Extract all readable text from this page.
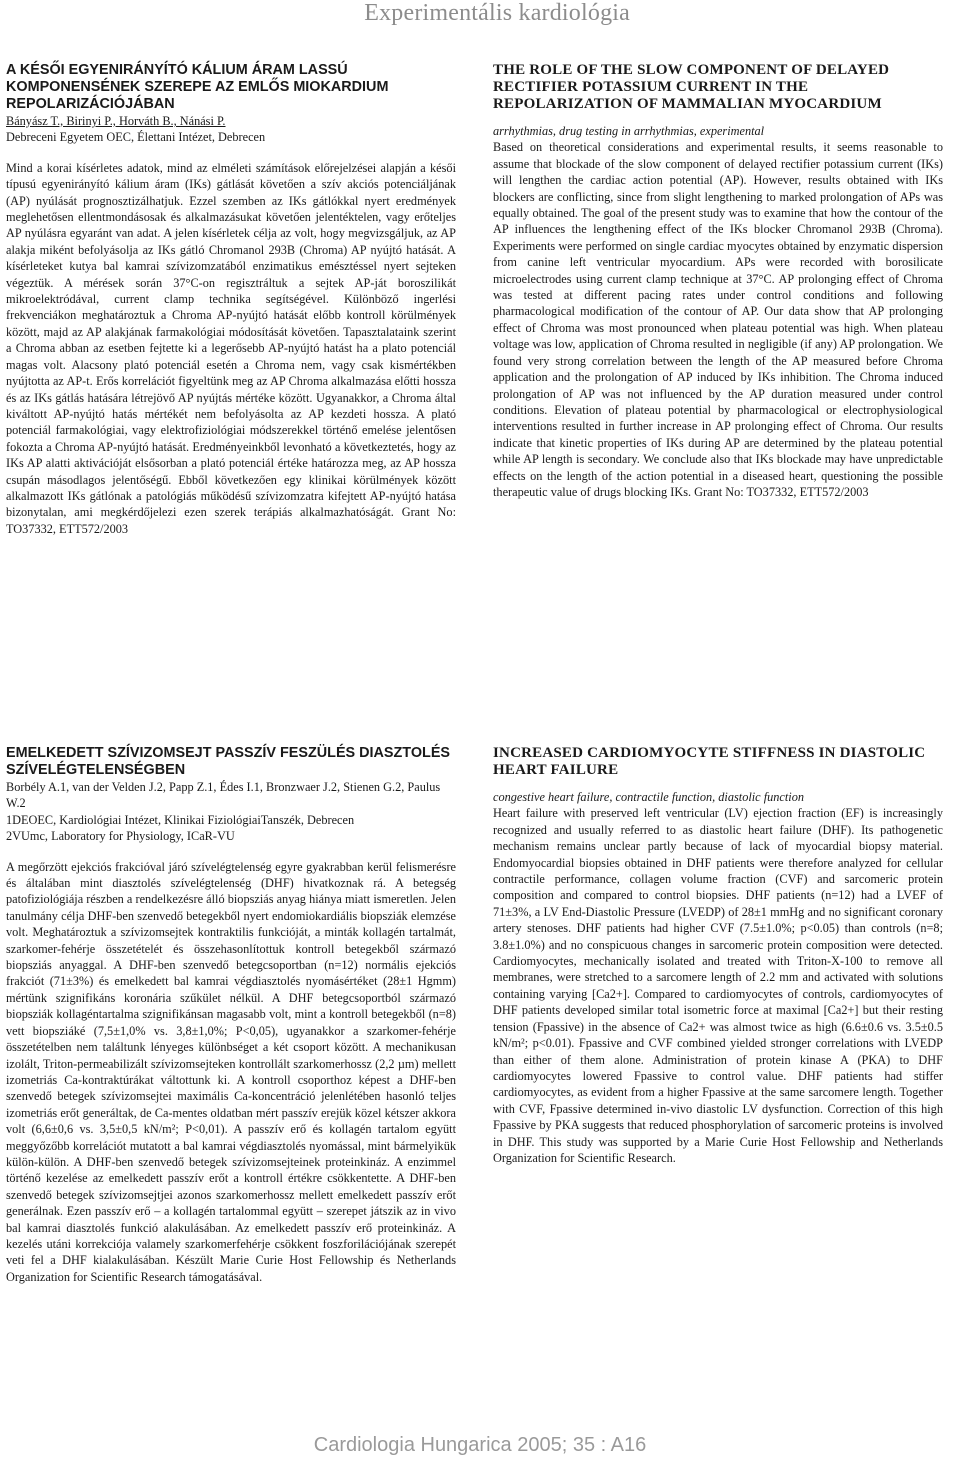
Experimentális kardiológia
A KÉSŐI EGYENIRÁNYÍTÓ KÁLIUM ÁRAM LASSÚ KOMPONENSÉNEK SZEREPE AZ EMLŐS MIOKARDIUM REPOLARIZÁCIÓJÁBAN
Bányász T., Birinyi P., Horváth B., Nánási P.
Debreceni Egyetem OEC, Élettani Intézet, Debrecen

Mind a korai kísérletes adatok, mind az elméleti számítások előrejelzései alapján a késői típusú egyenirányító kálium áram (IKs) gátlását követően a szív akciós potenciáljának (AP) nyúlását prognosztizálhatjuk. Ezzel szemben az IKs gátlókkal nyert eredmények meglehetősen ellentmondásosak és alkalmazásukat követően jelentéktelen, vagy erőteljes AP nyúlásra egyaránt van adat. A jelen kísérletek célja az volt, hogy megvizsgáljuk, az AP alakja miként befolyásolja az IKs gátló Chromanol 293B (Chroma) AP nyújtó hatását. A kísérleteket kutya bal kamrai szívizomzatából enzimatikus emésztéssel nyert sejteken végeztük. A mérések során 37°C-on regisztráltuk a sejtek AP-ját boroszilikát mikroelektródával, current clamp technika segítségével. Különböző ingerlési frekvenciákon meghatároztuk a Chroma AP-nyújtó hatását előbb kontroll körülmények között, majd az AP alakjának farmakológiai módosítását követően. Tapasztalataink szerint a Chroma abban az esetben fejtette ki a legerősebb AP-nyújtó hatást ha a plato potenciál magas volt. Alacsony plató potenciál esetén a Chroma nem, vagy csak kismértékben nyújtotta az AP-t. Erős korrelációt figyeltünk meg az AP Chroma alkalmazása előtti hossza és az IKs gátlás hatására létrejövő AP nyújtás mértéke között. Ugyanakkor, a Chroma által kiváltott AP-nyújtó hatás mértékét nem befolyásolta az AP kezdeti hossza. A plató potenciál farmakológiai, vagy elektrofiziológiai módszerekkel történő emelése jelentősen fokozta a Chroma AP-nyújtó hatását. Eredményeinkből levonható a következtetés, hogy az IKs AP alatti aktivációját elsősorban a plató potenciál értéke határozza meg, az AP hossza csupán másodlagos jelentőségű. Ebből következően egy klinikai körülmények között alkalmazott IKs gátlónak a patológiás működésű szívizomzatra kifejtett AP-nyújtó hatása bizonytalan, ami megkérdőjelezi ezen szerek terápiás alkalmazhatóságát. Grant No: TO37332, ETT572/2003

THE ROLE OF THE SLOW COMPONENT OF DELAYED RECTIFIER POTASSIUM CURRENT IN THE REPOLARIZATION OF MAMMALIAN MYOCARDIUM
arrhythmias, drug testing in arrhythmias, experimental

Based on theoretical considerations and experimental results, it seems reasonable to assume that blockade of the slow component of delayed rectifier potassium current (IKs) will lengthen the cardiac action potential (AP). However, results obtained with IKs blockers are conflicting, since from slight lengthening to marked prolongation of APs was equally obtained. The goal of the present study was to examine that how the contour of the AP influences the lengthening effect of the IKs blocker Chromanol 293B (Chroma). Experiments were performed on single cardiac myocytes obtained by enzymatic dispersion from canine left ventricular myocardium. APs were recorded with borosilicate microelectrodes using current clamp technique at 37°C. AP prolonging effect of Chroma was tested at different pacing rates under control conditions and following pharmacological modification of the contour of AP. Our data show that AP prolonging effect of Chroma was most pronounced when plateau potential was high. When plateau voltage was low, application of Chroma resulted in negligible (if any) AP prolongation. We found very strong correlation between the length of the AP measured before Chroma application and the prolongation of AP induced by IKs inhibition. The Chroma induced prolongation of AP was not influenced by the AP duration measured under control conditions. Elevation of plateau potential by pharmacological or electrophysiological interventions resulted in further increase in AP prolonging effect of Chroma. Our results indicate that kinetic properties of IKs during AP are determined by the plateau potential while AP length is secondary. We conclude also that IKs blockade may have unpredictable effects on the length of the action potential in a diseased heart, questioning the possible therapeutic value of drugs blocking IKs. Grant No: TO37332, ETT572/2003

EMELKEDETT SZÍVIZOMSEJT PASSZÍV FESZÜLÉS DIASZTOLÉS SZÍVELÉGTELENSÉGBEN
Borbély A.1, van der Velden J.2, Papp Z.1, Édes I.1, Bronzwaer J.2, Stienen G.2, Paulus W.2
1DEOEC, Kardiológiai Intézet, Klinikai FiziológiaiTanszék, Debrecen
2VUmc, Laboratory for Physiology, ICaR-VU

A megőrzött ejekciós frakcióval járó szívelégtelenség egyre gyakrabban kerül felismerésre és általában mint diasztolés szívelégtelenség (DHF) hivatkoznak rá. A betegség patofiziológiája részben a rendelkezésre álló biopsziás anyag hiánya miatt ismeretlen. Jelen tanulmány célja DHF-ben szenvedő betegekből nyert endomiokardiális biopsziák elemzése volt. Meghatároztuk a szívizomsejtek kontraktilis funkcióját, a minták kollagén tartalmát, szarkomer-fehérje összetételét és összehasonlítottuk kontroll betegekből származó biopsziás anyaggal. A DHF-ben szenvedő betegcsoportban (n=12) normális ejekciós frakciót (71±3%) és emelkedett bal kamrai végdiasztolés nyomásértéket (28±1 Hgmm) mértünk szignifikáns koronária szűkület nélkül. A DHF betegcsoportból származó biopsziák kollagéntartalma szignifikánsan magasabb volt, mint a kontroll betegekből (n=8) vett biopsziáké (7,5±1,0% vs. 3,8±1,0%; P<0,05), ugyanakkor a szarkomer-fehérje összetételben nem találtunk lényeges különbséget a két csoport között. A mechanikusan izolált, Triton-permeabilizált szívizomsejteken kontrollált szarkomerhossz (2,2 µm) mellett izometriás Ca-kontraktúrákat váltottunk ki. A kontroll csoporthoz képest a DHF-ben szenvedő betegek szívizomsejtei maximális Ca-koncentráció jelenlétében hasonló teljes izometriás erőt generáltak, de Ca-mentes oldatban mért passzív erejük közel kétszer akkora volt (6,6±0,6 vs. 3,5±0,5 kN/m²; P<0,01). A passzív erő és kollagén tartalom együtt meggyőzőbb korrelációt mutatott a bal kamrai végdiasztolés nyomással, mint bármelyikük külön-külön. A DHF-ben szenvedő betegek szívizomsejteinek proteinkináz. A enzimmel történő kezelése az emelkedett passzív erőt a kontroll értékre csökkentette. A DHF-ben szenvedő betegek szívizomsejtjei azonos szarkomerhossz mellett emelkedett passzív erőt generálnak. Ezen passzív erő – a kollagén tartalommal együtt – szerepet játszik az in vivo bal kamrai diasztolés funkció alakulásában. Az emelkedett passzív erő proteinkináz. A kezelés utáni korrekciója valamely szarkomerfehérje csökkent foszforilációjának szerepét veti fel a DHF kialakulásában. Készült Marie Curie Host Fellowship és Netherlands Organization for Scientific Research támogatásával.

INCREASED CARDIOMYOCYTE STIFFNESS IN DIASTOLIC HEART FAILURE
congestive heart failure, contractile function, diastolic function

Heart failure with preserved left ventricular (LV) ejection fraction (EF) is increasingly recognized and usually referred to as diastolic heart failure (DHF). Its pathogenetic mechanism remains unclear partly because of lack of myocardial biopsy material. Endomyocardial biopsies obtained in DHF patients were therefore analyzed for cellular contractile performance, collagen volume fraction (CVF) and sarcomeric protein composition and compared to control biopsies. DHF patients (n=12) had a LVEF of 71±3%, a LV End-Diastolic Pressure (LVEDP) of 28±1 mmHg and no significant coronary artery stenoses. DHF patients had higher CVF (7.5±1.0%; p<0.05) than controls (n=8; 3.8±1.0%) and no conspicuous changes in sarcomeric protein composition were detected. Cardiomyocytes, mechanically isolated and treated with Triton-X-100 to remove all membranes, were stretched to a sarcomere length of 2.2 mm and activated with solutions containing varying [Ca2+]. Compared to cardiomyocytes of controls, cardiomyocytes of DHF patients developed similar total isometric force at maximal [Ca2+] but their resting tension (Fpassive) in the absence of Ca2+ was almost twice as high (6.6±0.6 vs. 3.5±0.5 kN/m²; p<0.01). Fpassive and CVF combined yielded stronger correlations with LVEDP than either of them alone. Administration of protein kinase A (PKA) to DHF cardiomyocytes lowered Fpassive to control value. DHF patients had stiffer cardiomyocytes, as evident from a higher Fpassive at the same sarcomere length. Together with CVF, Fpassive determined in-vivo diastolic LV dysfunction. Correction of this high Fpassive by PKA suggests that reduced phosphorylation of sarcomeric proteins is involved in DHF. This study was supported by a Marie Curie Host Fellowship and Netherlands Organization for Scientific Research.

Cardiologia Hungarica 2005; 35 : A16
